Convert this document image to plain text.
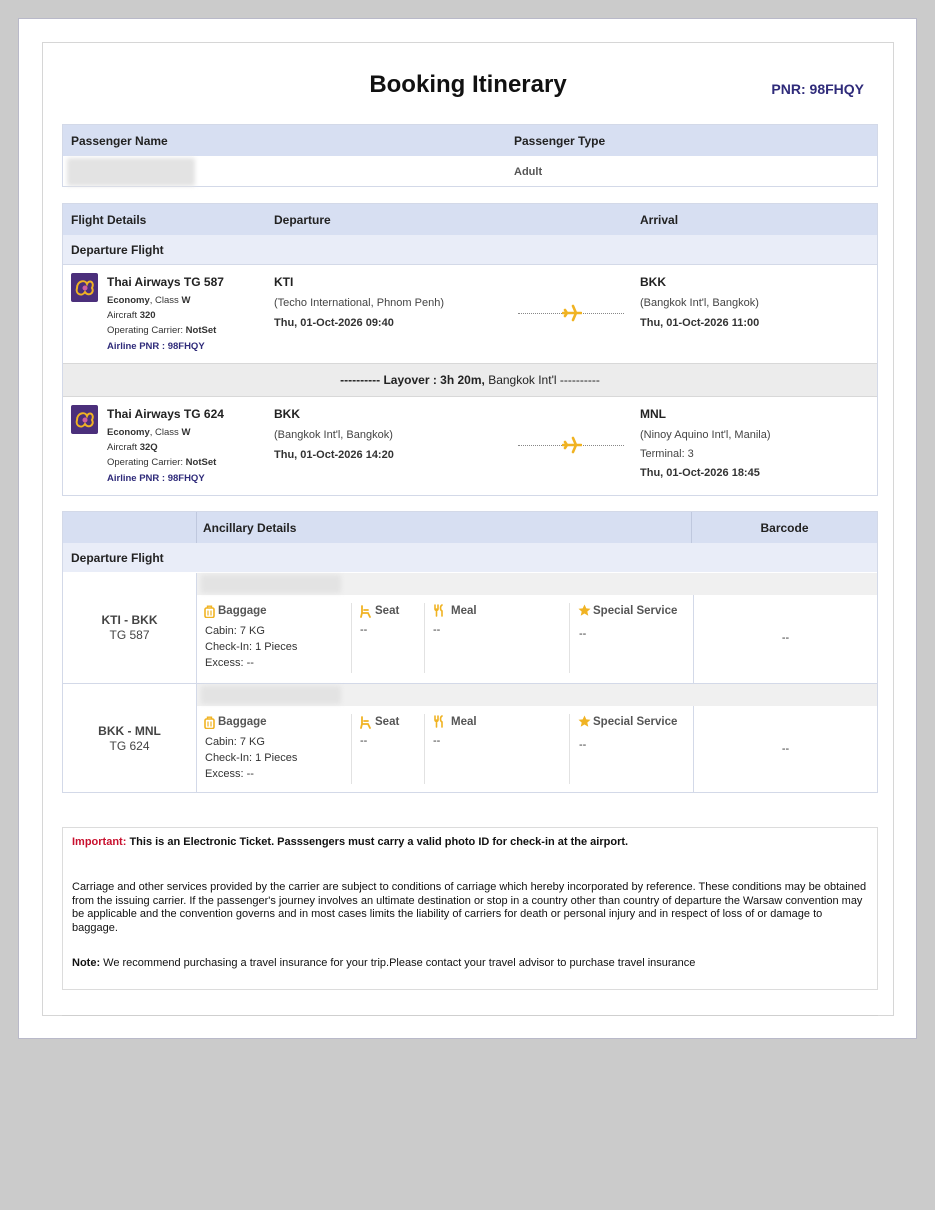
Booking Itinerary	PNR: 98FHQY
Passenger Name	Passenger Type
Adult
Flight Details	Departure	Arrival
Departure Flight
Thai Airways TG 587
Economy, Class W
Aircraft 320
Operating Carrier: NotSet
Airline PNR : 98FHQY
KTI
(Techo International, Phnom Penh)
Thu, 01-Oct-2026 09:40
BKK
(Bangkok Int'l, Bangkok)
Thu, 01-Oct-2026 11:00
---------- Layover : 3h 20m, Bangkok Int'l ----------
Thai Airways TG 624
Economy, Class W
Aircraft 32Q
Operating Carrier: NotSet
Airline PNR : 98FHQY
BKK
(Bangkok Int'l, Bangkok)
Thu, 01-Oct-2026 14:20
MNL
(Ninoy Aquino Int'l, Manila)
Terminal: 3
Thu, 01-Oct-2026 18:45
Ancillary Details	Barcode
Departure Flight
KTI - BKK
TG 587
Baggage
Cabin: 7 KG
Check-In: 1 Pieces
Excess: --
Seat
--
Meal
--
Special Service
--	--
BKK - MNL
TG 624
Baggage
Cabin: 7 KG
Check-In: 1 Pieces
Excess: --
Seat
--
Meal
--
Special Service
--	--
Important: This is an Electronic Ticket. Passsengers must carry a valid photo ID for check-in at the airport.
Carriage and other services provided by the carrier are subject to conditions of carriage which hereby incorporated by reference. These conditions may be obtained from the issuing carrier. If the passenger's journey involves an ultimate destination or stop in a country other than country of departure the Warsaw convention may be applicable and the convention governs and in most cases limits the liability of carriers for death or personal injury and in respect of loss of or damage to baggage.
Note: We recommend purchasing a travel insurance for your trip.Please contact your travel advisor to purchase travel insurance
